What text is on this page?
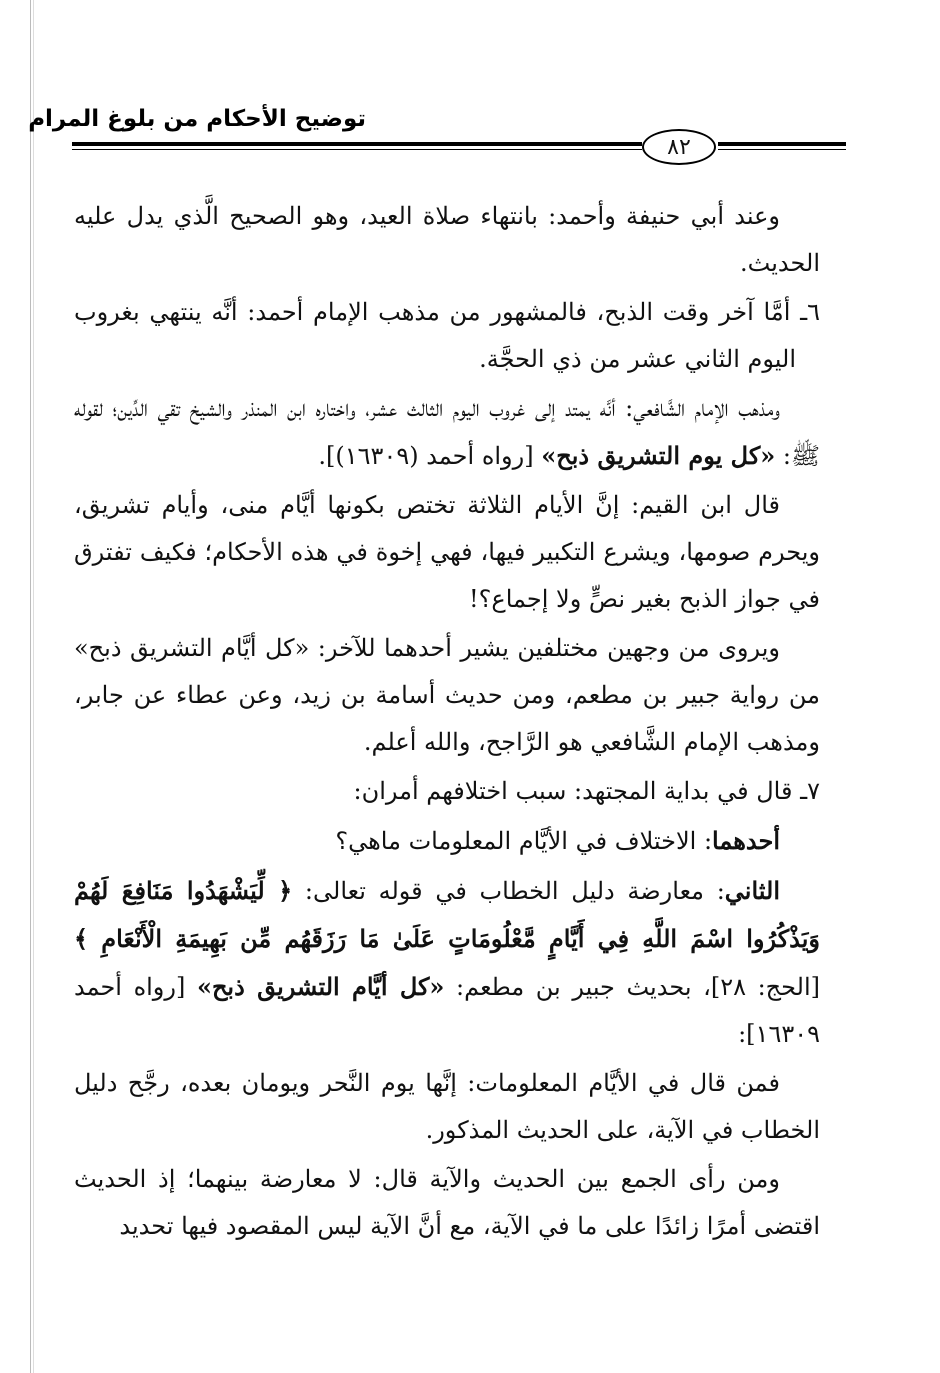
توضيح الأحكام من بلوغ المرام
٨٢

وعند أبي حنيفة وأحمد: بانتهاء صلاة العيد، وهو الصحيح الَّذي يدل عليه الحديث.

٦ـ أمَّا آخر وقت الذبح، فالمشهور من مذهب الإمام أحمد: أنَّه ينتهي بغروب اليوم الثاني عشر من ذي الحجَّة.

ومذهب الإمام الشَّافعي: أنَّه يمتد إلى غروب اليوم الثالث عشر، واختاره ابن المنذر والشيخ تقي الدِّين؛ لقوله ﷺ: «كل يوم التشريق ذبح» [رواه أحمد (١٦٣٠٩)].

قال ابن القيم: إنَّ الأيام الثلاثة تختص بكونها أيَّام منى، وأيام تشريق، ويحرم صومها، ويشرع التكبير فيها، فهي إخوة في هذه الأحكام؛ فكيف تفترق في جواز الذبح بغير نصٍّ ولا إجماع؟!

ويروى من وجهين مختلفين يشير أحدهما للآخر: «كل أيَّام التشريق ذبح» من رواية جبير بن مطعم، ومن حديث أسامة بن زيد، وعن عطاء عن جابر، ومذهب الإمام الشَّافعي هو الرَّاجح، والله أعلم.

٧ـ قال في بداية المجتهد: سبب اختلافهم أمران:

أحدهما: الاختلاف في الأيَّام المعلومات ماهي؟

الثاني: معارضة دليل الخطاب في قوله تعالى: ﴿ لِّيَشْهَدُوا مَنَافِعَ لَهُمْ وَيَذْكُرُوا اسْمَ اللَّهِ فِي أَيَّامٍ مَّعْلُومَاتٍ عَلَىٰ مَا رَزَقَهُم مِّن بَهِيمَةِ الْأَنْعَامِ ﴾ [الحج: ٢٨]، بحديث جبير بن مطعم: «كل أيَّام التشريق ذبح» [رواه أحمد ١٦٣٠٩]:

فمن قال في الأيَّام المعلومات: إنَّها يوم النَّحر ويومان بعده، رجَّح دليل الخطاب في الآية، على الحديث المذكور.

ومن رأى الجمع بين الحديث والآية قال: لا معارضة بينهما؛ إذ الحديث اقتضى أمرًا زائدًا على ما في الآية، مع أنَّ الآية ليس المقصود فيها تحديد
